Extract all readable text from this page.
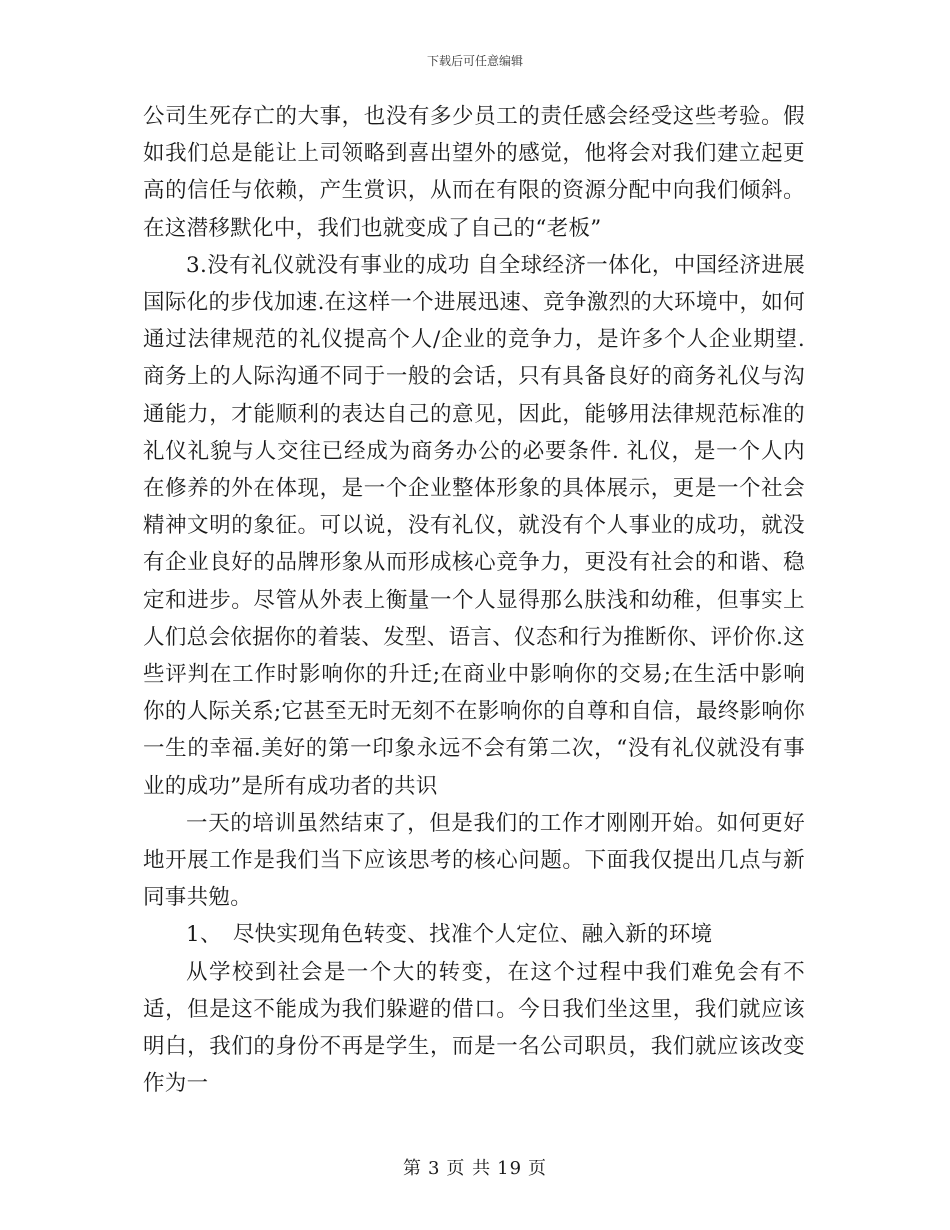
下载后可任意编辑

公司生死存亡的大事，也没有多少员工的责任感会经受这些考验。假如我们总是能让上司领略到喜出望外的感觉，他将会对我们建立起更高的信任与依赖，产生赏识，从而在有限的资源分配中向我们倾斜。在这潜移默化中，我们也就变成了自己的“老板”

3.没有礼仪就没有事业的成功 自全球经济一体化，中国经济进展国际化的步伐加速.在这样一个进展迅速、竞争激烈的大环境中，如何通过法律规范的礼仪提高个人/企业的竞争力，是许多个人企业期望.商务上的人际沟通不同于一般的会话，只有具备良好的商务礼仪与沟通能力，才能顺利的表达自己的意见，因此，能够用法律规范标准的礼仪礼貌与人交往已经成为商务办公的必要条件. 礼仪，是一个人内在修养的外在体现，是一个企业整体形象的具体展示，更是一个社会精神文明的象征。可以说，没有礼仪，就没有个人事业的成功，就没有企业良好的品牌形象从而形成核心竞争力，更没有社会的和谐、稳定和进步。尽管从外表上衡量一个人显得那么肤浅和幼稚，但事实上人们总会依据你的着装、发型、语言、仪态和行为推断你、评价你.这些评判在工作时影响你的升迁;在商业中影响你的交易;在生活中影响你的人际关系;它甚至无时无刻不在影响你的自尊和自信，最终影响你一生的幸福.美好的第一印象永远不会有第二次，“没有礼仪就没有事业的成功”是所有成功者的共识

一天的培训虽然结束了，但是我们的工作才刚刚开始。如何更好地开展工作是我们当下应该思考的核心问题。下面我仅提出几点与新同事共勉。

1、　尽快实现角色转变、找准个人定位、融入新的环境

从学校到社会是一个大的转变，在这个过程中我们难免会有不适，但是这不能成为我们躲避的借口。今日我们坐这里，我们就应该明白，我们的身份不再是学生，而是一名公司职员，我们就应该改变作为一

第 3 页 共 19 页
